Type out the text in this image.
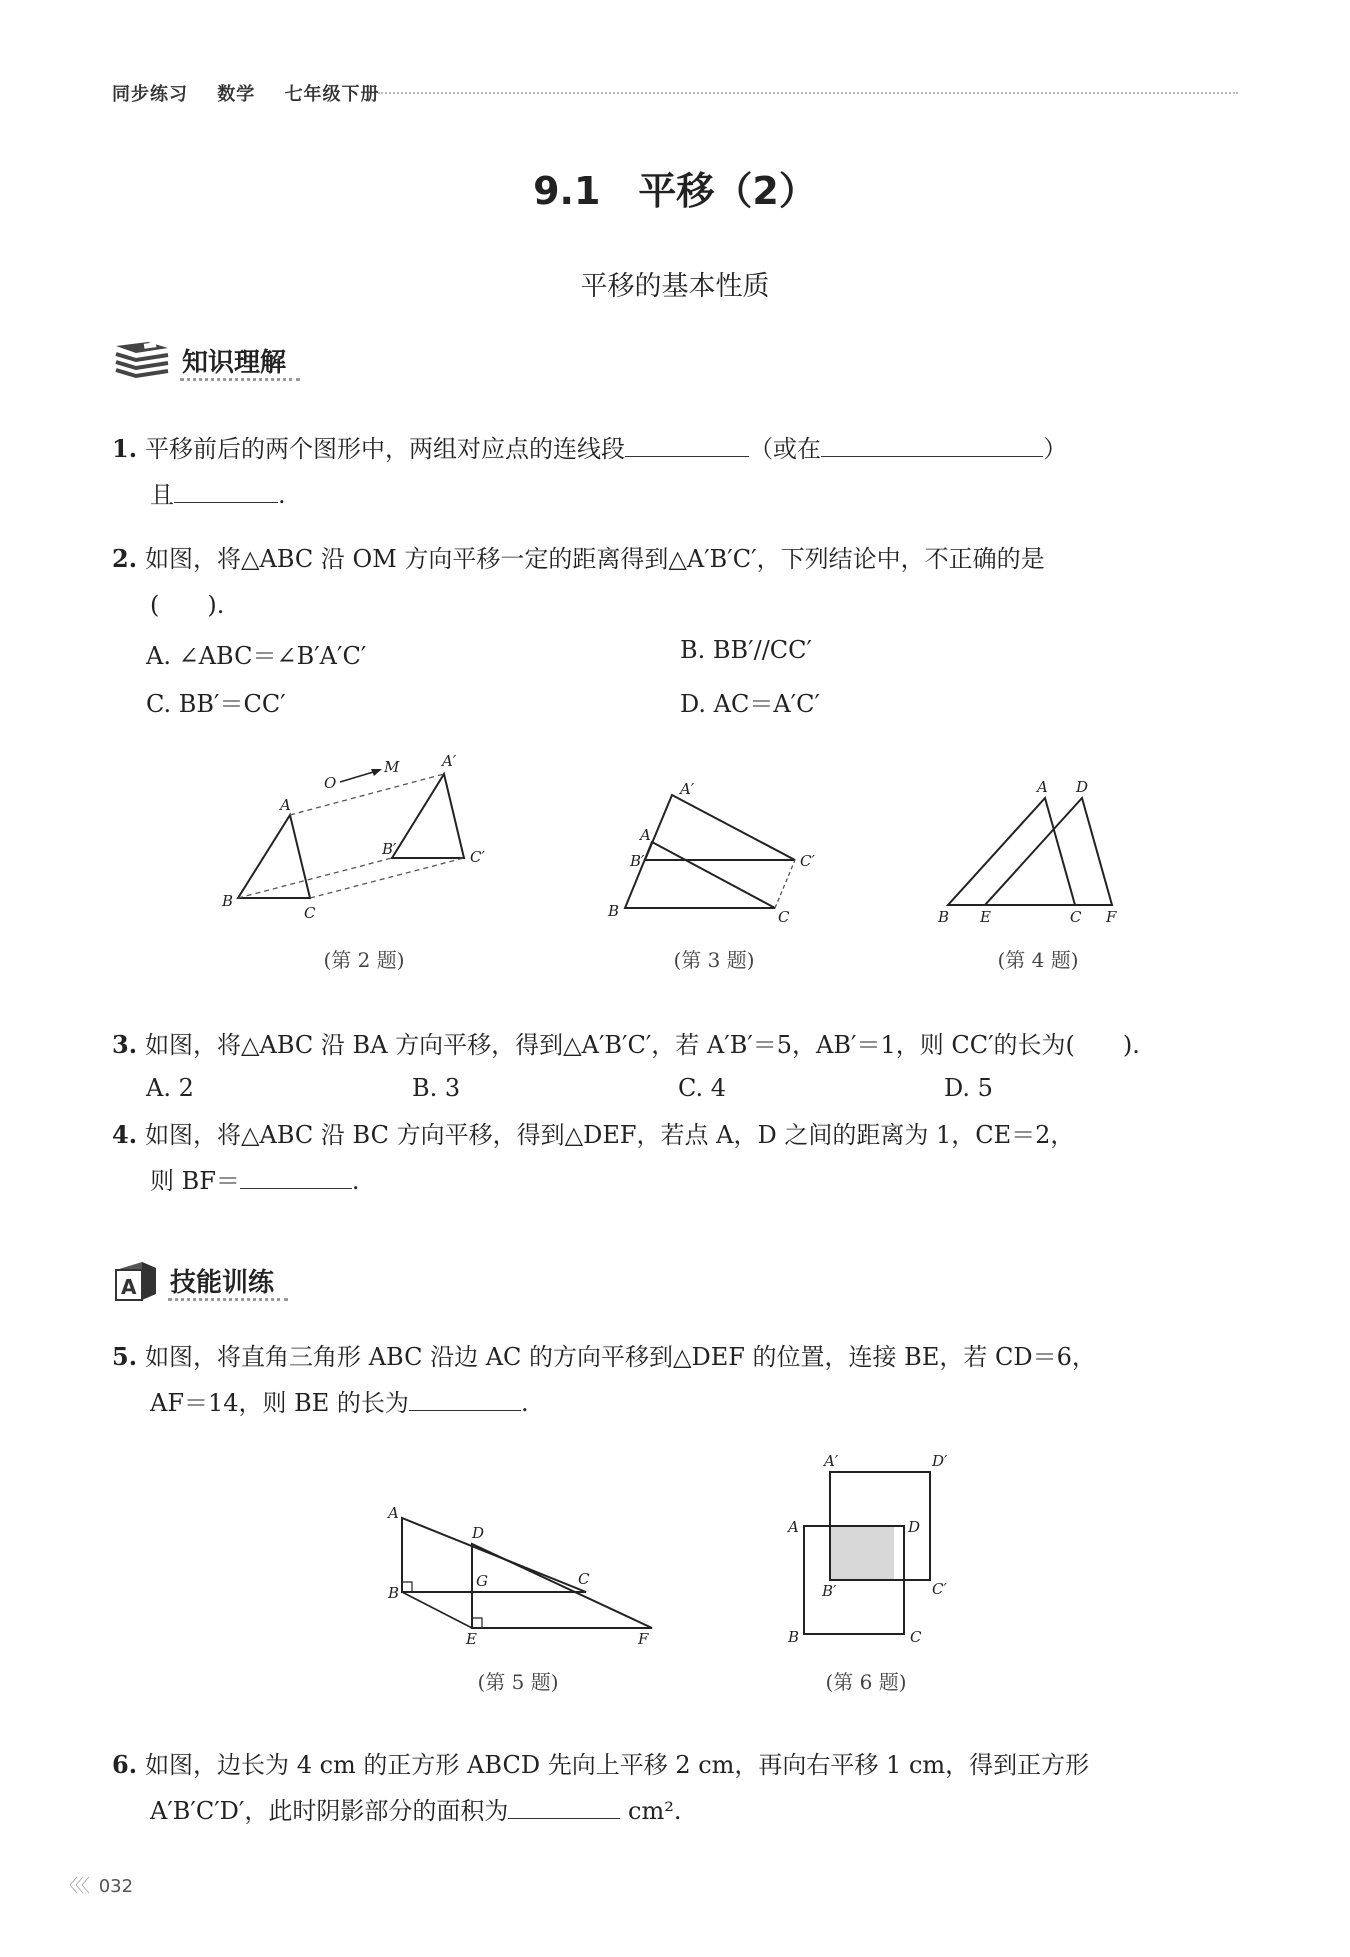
同步练习 数学 七年级下册
9.1　平移（2）
平移的基本性质
知识理解
1. 平移前后的两个图形中，两组对应点的连线段	（或在	）
且	.
2. 如图，将△ABC 沿 OM 方向平移一定的距离得到△A′B′C′，下列结论中，不正确的是
(　　).
A. ∠ABC＝∠B′A′C′	B. BB′//CC′
C. BB′＝CC′	D. AC＝A′C′
O
M
A
A′
B
C
B′	C′
(第 2 题)
A′
A
B′	C′
B	C
(第 3 题)
A D
B E	C F
(第 4 题)
3. 如图，将△ABC 沿 BA 方向平移，得到△A′B′C′，若 A′B′＝5，AB′＝1，则 CC′的长为(　　).
A. 2	B. 3	C. 4	D. 5
4. 如图，将△ABC 沿 BC 方向平移，得到△DEF，若点 A，D 之间的距离为 1，CE＝2，
则 BF＝	.
A 技能训练
5. 如图，将直角三角形 ABC 沿边 AC 的方向平移到△DEF 的位置，连接 BE，若 CD＝6，
AF＝14，则 BE 的长为	.
A
D
G	C
B
E	F
(第 5 题)
A′	D′
A	D
B′	C′
B	C
(第 6 题)
6. 如图，边长为 4 cm 的正方形 ABCD 先向上平移 2 cm，再向右平移 1 cm，得到正方形
A′B′C′D′，此时阴影部分的面积为	cm².
〈〈〈 032
